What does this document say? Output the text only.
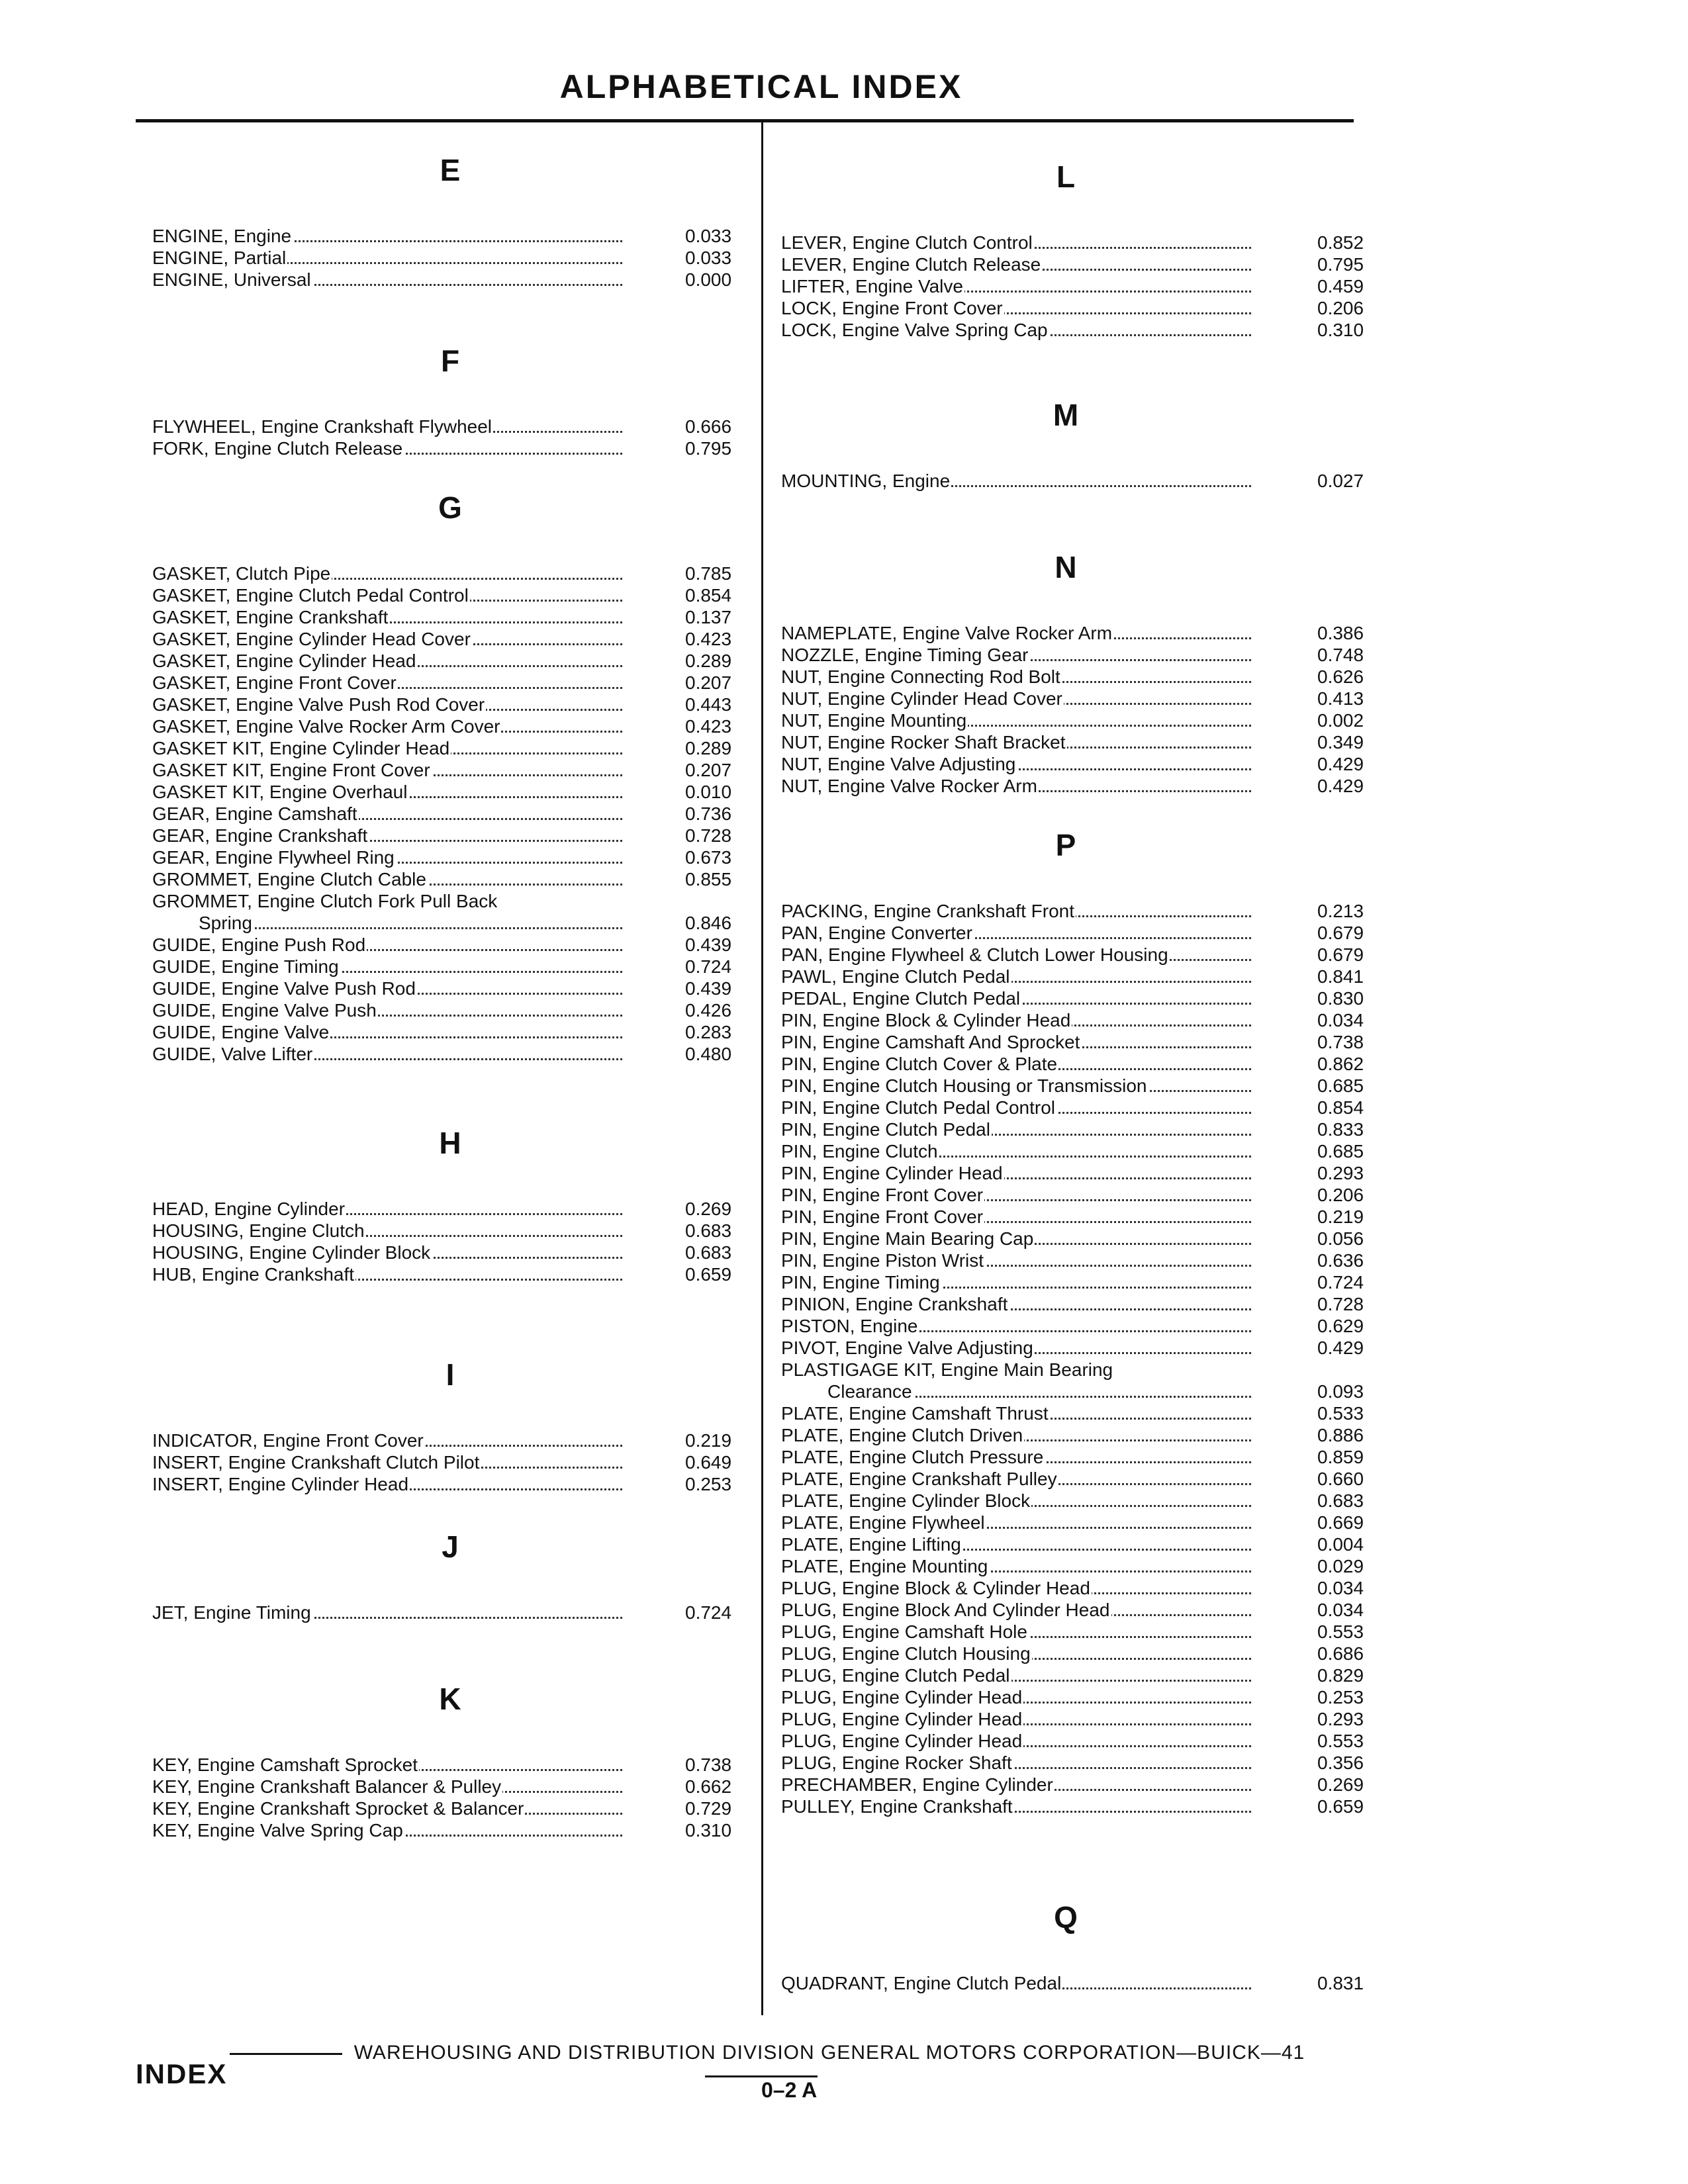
ALPHABETICAL INDEX
E
ENGINE, Engine	0.033
ENGINE, Partial	0.033
ENGINE, Universal	0.000
F
FLYWHEEL, Engine Crankshaft Flywheel	0.666
FORK, Engine Clutch Release	0.795
G
GASKET, Clutch Pipe	0.785
GASKET, Engine Clutch Pedal Control	0.854
GASKET, Engine Crankshaft	0.137
GASKET, Engine Cylinder Head Cover	0.423
GASKET, Engine Cylinder Head	0.289
GASKET, Engine Front Cover	0.207
GASKET, Engine Valve Push Rod Cover	0.443
GASKET, Engine Valve Rocker Arm Cover	0.423
GASKET KIT, Engine Cylinder Head	0.289
GASKET KIT, Engine Front Cover	0.207
GASKET KIT, Engine Overhaul	0.010
GEAR, Engine Camshaft	0.736
GEAR, Engine Crankshaft	0.728
GEAR, Engine Flywheel Ring	0.673
GROMMET, Engine Clutch Cable	0.855
GROMMET, Engine Clutch Fork Pull Back
Spring	0.846
GUIDE, Engine Push Rod	0.439
GUIDE, Engine Timing	0.724
GUIDE, Engine Valve Push Rod	0.439
GUIDE, Engine Valve Push	0.426
GUIDE, Engine Valve	0.283
GUIDE, Valve Lifter	0.480
H
HEAD, Engine Cylinder	0.269
HOUSING, Engine Clutch	0.683
HOUSING, Engine Cylinder Block	0.683
HUB, Engine Crankshaft	0.659
I
INDICATOR, Engine Front Cover	0.219
INSERT, Engine Crankshaft Clutch Pilot	0.649
INSERT, Engine Cylinder Head	0.253
J
JET, Engine Timing	0.724
K
KEY, Engine Camshaft Sprocket	0.738
KEY, Engine Crankshaft Balancer & Pulley	0.662
KEY, Engine Crankshaft Sprocket & Balancer	0.729
KEY, Engine Valve Spring Cap	0.310
L
LEVER, Engine Clutch Control	0.852
LEVER, Engine Clutch Release	0.795
LIFTER, Engine Valve	0.459
LOCK, Engine Front Cover	0.206
LOCK, Engine Valve Spring Cap	0.310
M
MOUNTING, Engine	0.027
N
NAMEPLATE, Engine Valve Rocker Arm	0.386
NOZZLE, Engine Timing Gear	0.748
NUT, Engine Connecting Rod Bolt	0.626
NUT, Engine Cylinder Head Cover	0.413
NUT, Engine Mounting	0.002
NUT, Engine Rocker Shaft Bracket	0.349
NUT, Engine Valve Adjusting	0.429
NUT, Engine Valve Rocker Arm	0.429
P
PACKING, Engine Crankshaft Front	0.213
PAN, Engine Converter	0.679
PAN, Engine Flywheel & Clutch Lower Housing	0.679
PAWL, Engine Clutch Pedal	0.841
PEDAL, Engine Clutch Pedal	0.830
PIN, Engine Block & Cylinder Head	0.034
PIN, Engine Camshaft And Sprocket	0.738
PIN, Engine Clutch Cover & Plate	0.862
PIN, Engine Clutch Housing or Transmission	0.685
PIN, Engine Clutch Pedal Control	0.854
PIN, Engine Clutch Pedal	0.833
PIN, Engine Clutch	0.685
PIN, Engine Cylinder Head	0.293
PIN, Engine Front Cover	0.206
PIN, Engine Front Cover	0.219
PIN, Engine Main Bearing Cap	0.056
PIN, Engine Piston Wrist	0.636
PIN, Engine Timing	0.724
PINION, Engine Crankshaft	0.728
PISTON, Engine	0.629
PIVOT, Engine Valve Adjusting	0.429
PLASTIGAGE KIT, Engine Main Bearing
Clearance	0.093
PLATE, Engine Camshaft Thrust	0.533
PLATE, Engine Clutch Driven	0.886
PLATE, Engine Clutch Pressure	0.859
PLATE, Engine Crankshaft Pulley	0.660
PLATE, Engine Cylinder Block	0.683
PLATE, Engine Flywheel	0.669
PLATE, Engine Lifting	0.004
PLATE, Engine Mounting	0.029
PLUG, Engine Block & Cylinder Head	0.034
PLUG, Engine Block And Cylinder Head	0.034
PLUG, Engine Camshaft Hole	0.553
PLUG, Engine Clutch Housing	0.686
PLUG, Engine Clutch Pedal	0.829
PLUG, Engine Cylinder Head	0.253
PLUG, Engine Cylinder Head	0.293
PLUG, Engine Cylinder Head	0.553
PLUG, Engine Rocker Shaft	0.356
PRECHAMBER, Engine Cylinder	0.269
PULLEY, Engine Crankshaft	0.659
Q
QUADRANT, Engine Clutch Pedal	0.831
WAREHOUSING AND DISTRIBUTION DIVISION GENERAL MOTORS CORPORATION—BUICK—41
INDEX
0–2 A
